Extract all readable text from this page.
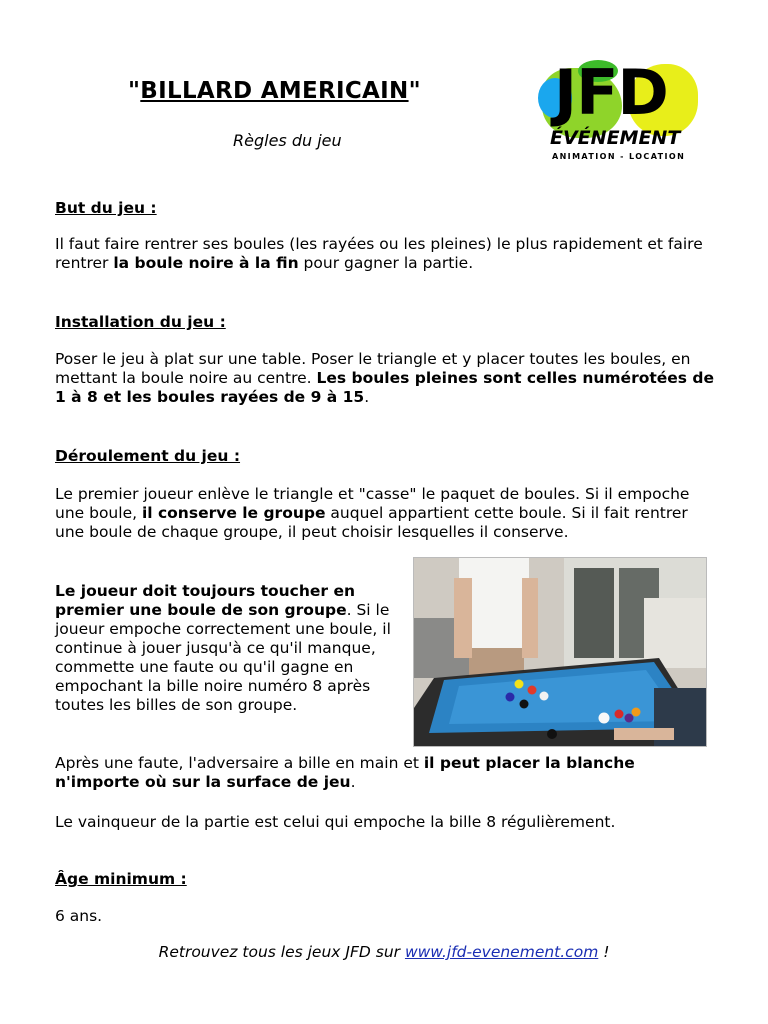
"BILLARD AMERICAIN"
Règles du jeu
JFD
ÉVÉNEMENT
ANIMATION - LOCATION
But du jeu :
Il faut faire rentrer ses boules (les rayées ou les pleines) le plus rapidement et faire rentrer la boule noire à la fin pour gagner la partie.
Installation du jeu :
Poser le jeu à plat sur une table. Poser le triangle et y placer toutes les boules, en mettant la boule noire au centre. Les boules pleines sont celles numérotées de 1 à 8 et les boules rayées de 9 à 15.
Déroulement du jeu :
Le premier joueur enlève le triangle et "casse" le paquet de boules. Si il empoche une boule, il conserve le groupe auquel appartient cette boule. Si il fait rentrer une boule de chaque groupe, il peut choisir lesquelles il conserve.
Le joueur doit toujours toucher en premier une boule de son groupe. Si le joueur empoche correctement une boule, il continue à jouer jusqu'à ce qu'il manque, commette une faute ou qu'il gagne en empochant la bille noire numéro 8 après toutes les billes de son groupe.
Après une faute, l'adversaire a bille en main et il peut placer la blanche n'importe où sur la surface de jeu.
Le vainqueur de la partie est celui qui empoche la bille 8 régulièrement.
Âge minimum :
6 ans.
Retrouvez tous les jeux JFD sur www.jfd-evenement.com !
